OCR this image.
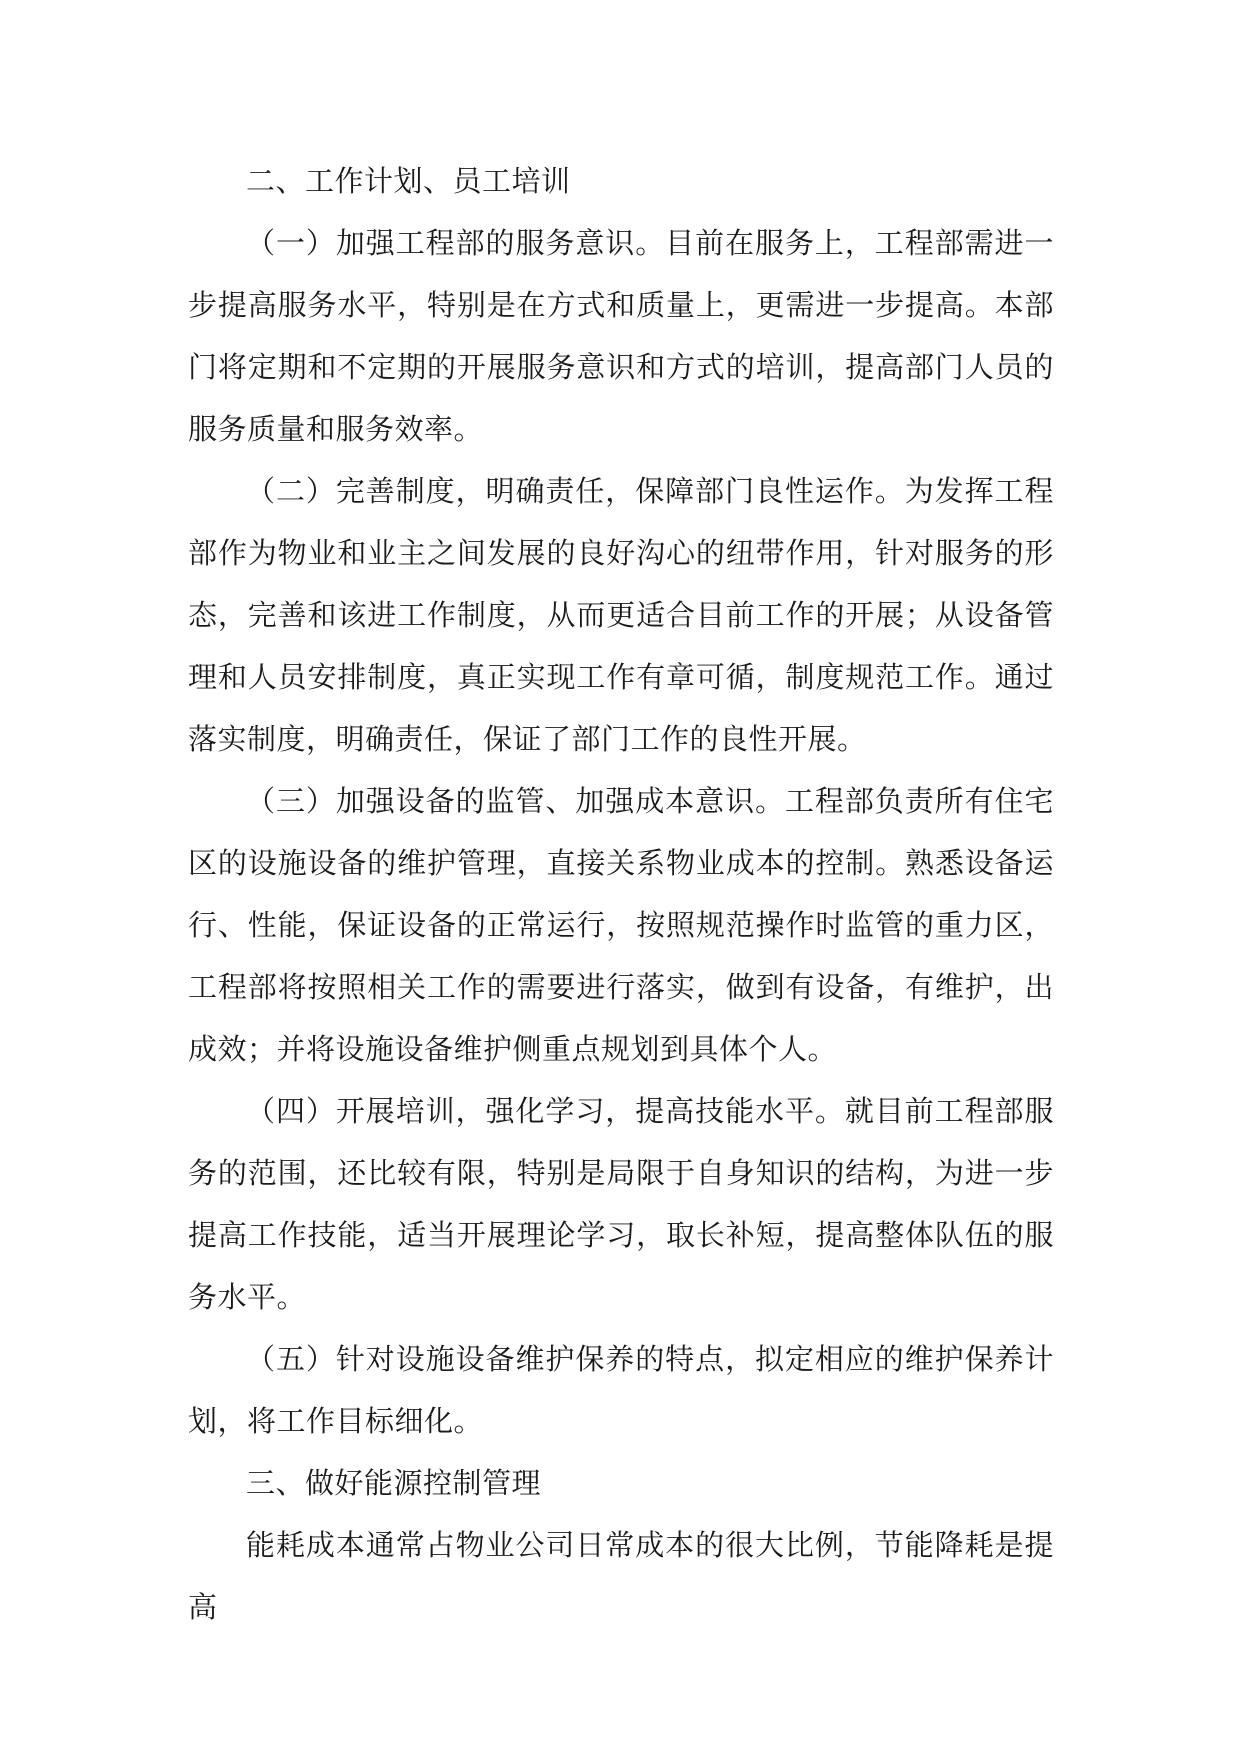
二、工作计划、员工培训

（一）加强工程部的服务意识。目前在服务上，工程部需进一步提高服务水平，特别是在方式和质量上，更需进一步提高。本部门将定期和不定期的开展服务意识和方式的培训，提高部门人员的服务质量和服务效率。

（二）完善制度，明确责任，保障部门良性运作。为发挥工程部作为物业和业主之间发展的良好沟心的纽带作用，针对服务的形态，完善和该进工作制度，从而更适合目前工作的开展；从设备管理和人员安排制度，真正实现工作有章可循，制度规范工作。通过落实制度，明确责任，保证了部门工作的良性开展。

（三）加强设备的监管、加强成本意识。工程部负责所有住宅区的设施设备的维护管理，直接关系物业成本的控制。熟悉设备运行、性能，保证设备的正常运行，按照规范操作时监管的重力区，工程部将按照相关工作的需要进行落实，做到有设备，有维护，出成效；并将设施设备维护侧重点规划到具体个人。

（四）开展培训，强化学习，提高技能水平。就目前工程部服务的范围，还比较有限，特别是局限于自身知识的结构，为进一步提高工作技能，适当开展理论学习，取长补短，提高整体队伍的服务水平。

（五）针对设施设备维护保养的特点，拟定相应的维护保养计划，将工作目标细化。

三、做好能源控制管理

能耗成本通常占物业公司日常成本的很大比例，节能降耗是提高
